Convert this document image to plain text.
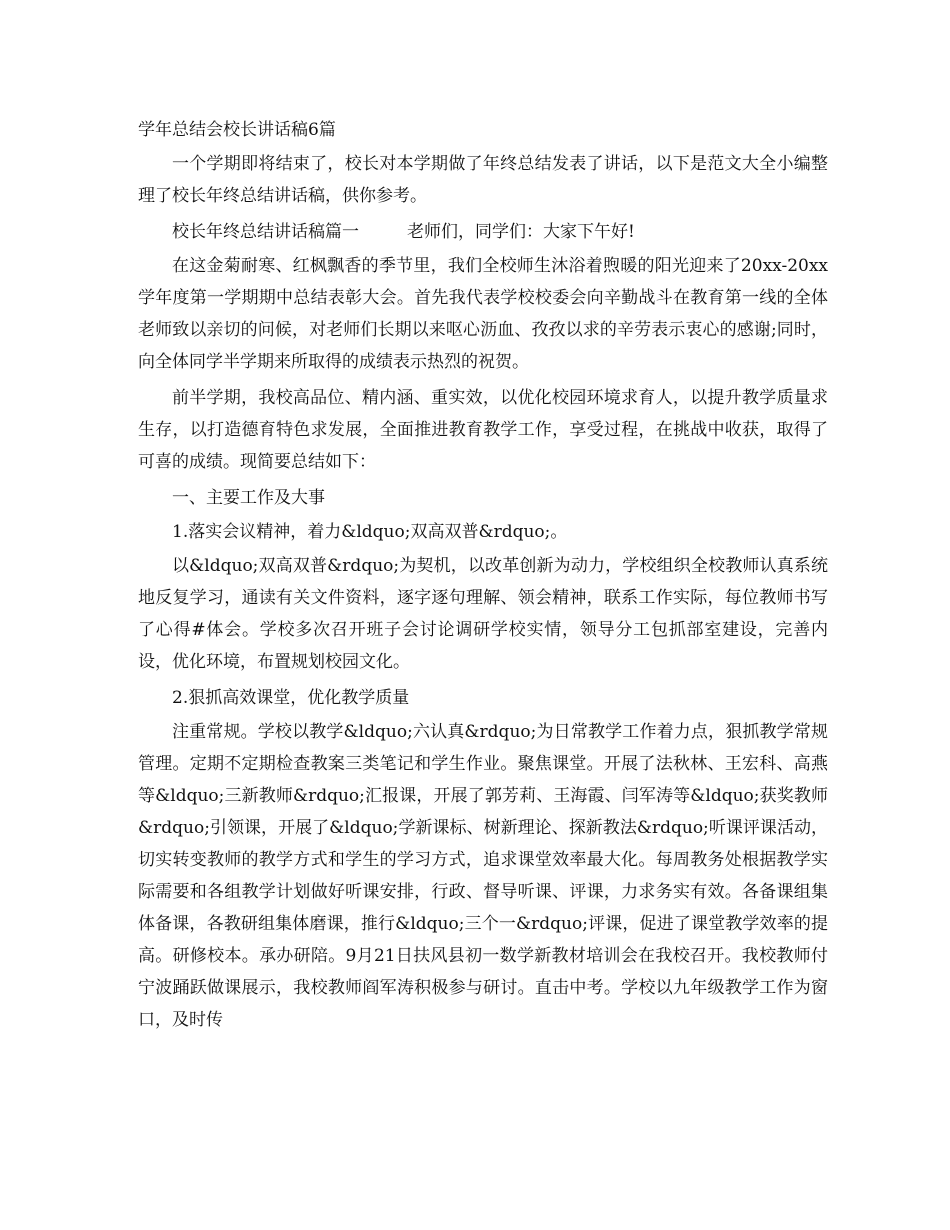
学年总结会校长讲话稿6篇

一个学期即将结束了，校长对本学期做了年终总结发表了讲话，以下是范文大全小编整理了校长年终总结讲话稿，供你参考。

校长年终总结讲话稿篇一	老师们，同学们：大家下午好!

在这金菊耐寒、红枫飘香的季节里，我们全校师生沐浴着煦暖的阳光迎来了20xx-20xx学年度第一学期期中总结表彰大会。首先我代表学校校委会向辛勤战斗在教育第一线的全体老师致以亲切的问候，对老师们长期以来呕心沥血、孜孜以求的辛劳表示衷心的感谢;同时，向全体同学半学期来所取得的成绩表示热烈的祝贺。

前半学期，我校高品位、精内涵、重实效，以优化校园环境求育人，以提升教学质量求生存，以打造德育特色求发展，全面推进教育教学工作，享受过程，在挑战中收获，取得了可喜的成绩。现简要总结如下：

一、主要工作及大事

1.落实会议精神，着力&ldquo;双高双普&rdquo;。

以&ldquo;双高双普&rdquo;为契机，以改革创新为动力，学校组织全校教师认真系统地反复学习，通读有关文件资料，逐字逐句理解、领会精神，联系工作实际，每位教师书写了心得#体会。学校多次召开班子会讨论调研学校实情，领导分工包抓部室建设，完善内设，优化环境，布置规划校园文化。

2.狠抓高效课堂，优化教学质量

注重常规。学校以教学&ldquo;六认真&rdquo;为日常教学工作着力点，狠抓教学常规管理。定期不定期检查教案三类笔记和学生作业。聚焦课堂。开展了法秋林、王宏科、高燕等&ldquo;三新教师&rdquo;汇报课，开展了郭芳莉、王海霞、闫军涛等&ldquo;获奖教师&rdquo;引领课，开展了&ldquo;学新课标、树新理论、探新教法&rdquo;听课评课活动，切实转变教师的教学方式和学生的学习方式，追求课堂效率最大化。每周教务处根据教学实际需要和各组教学计划做好听课安排，行政、督导听课、评课，力求务实有效。各备课组集体备课，各教研组集体磨课，推行&ldquo;三个一&rdquo;评课，促进了课堂教学效率的提高。研修校本。承办研陪。9月21日扶风县初一数学新教材培训会在我校召开。我校教师付宁波踊跃做课展示，我校教师阎军涛积极参与研讨。直击中考。学校以九年级教学工作为窗口，及时传
